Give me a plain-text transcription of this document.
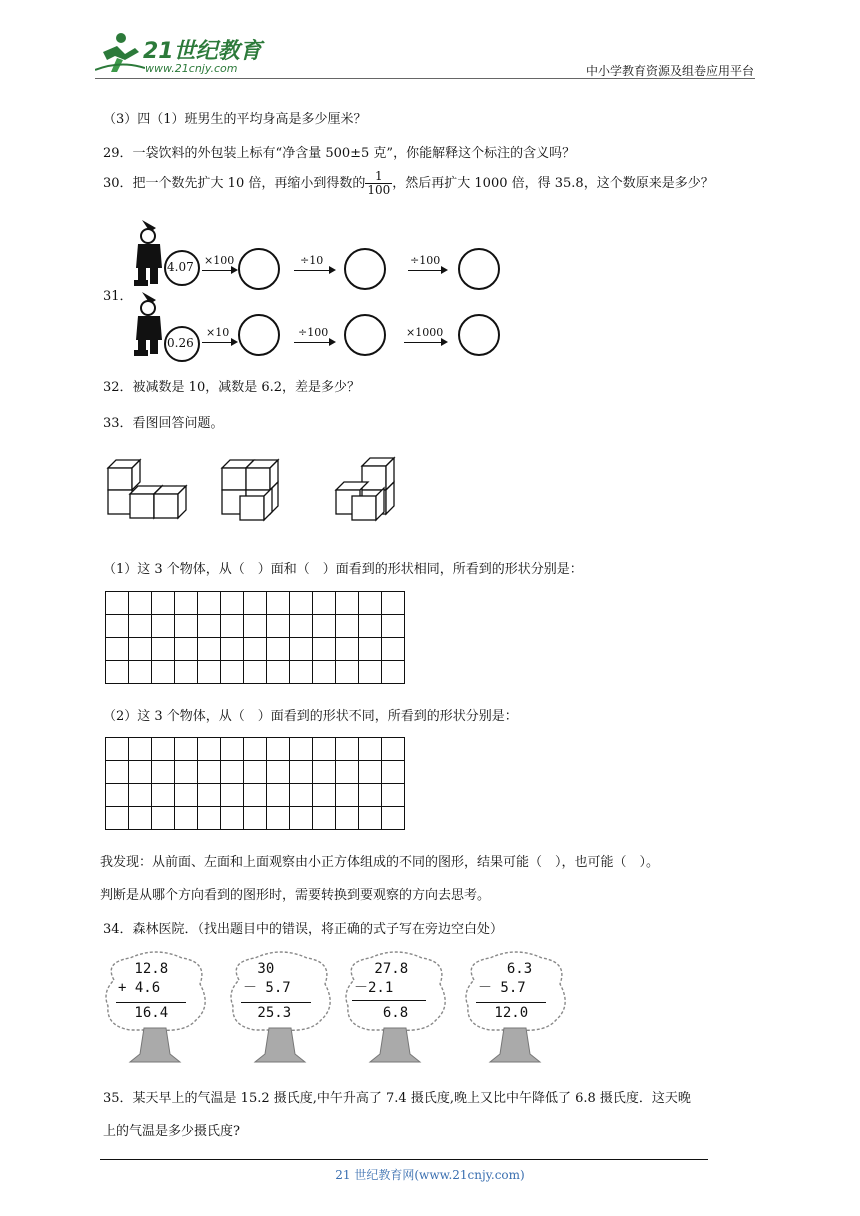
21世纪教育
www.21cnjy.com	中小学教育资源及组卷应用平台
（3）四（1）班男生的平均身高是多少厘米？
29．一袋饮料的外包装上标有“净含量 500±5 克”，你能解释这个标注的含义吗？
30．把一个数先扩大 10 倍，再缩小到得数的 $\frac{1}{100}$ ，然后再扩大 1000 倍，得 35.8，这个数原来是多少？
31．
4.07 ×100	÷10	÷100
0.26
×10	÷100	×1000
32．被减数是 10，减数是 6.2，差是多少？
33．看图回答问题。
（1）这 3 个物体，从（　）面和（　）面看到的形状相同，所看到的形状分别是：

（2）这 3 个物体，从（　）面看到的形状不同，所看到的形状分别是：

我发现：从前面、左面和上面观察由小正方体组成的不同的图形，结果可能（　），也可能（　）。
判断是从哪个方向看到的图形时，需要转换到要观察的方向去思考。
34．森林医院．（找出题目中的错误，将正确的式子写在旁边空白处）
12.8
+ 4.6
16.4
30
－ 5.7
25.3
27.8
－2.1
6.8
6.3
－ 5.7
12.0
35．某天早上的气温是 15.2 摄氏度,中午升高了 7.4 摄氏度,晚上又比中午降低了 6.8 摄氏度．这天晚
上的气温是多少摄氏度?
21 世纪教育网(www.21cnjy.com)
